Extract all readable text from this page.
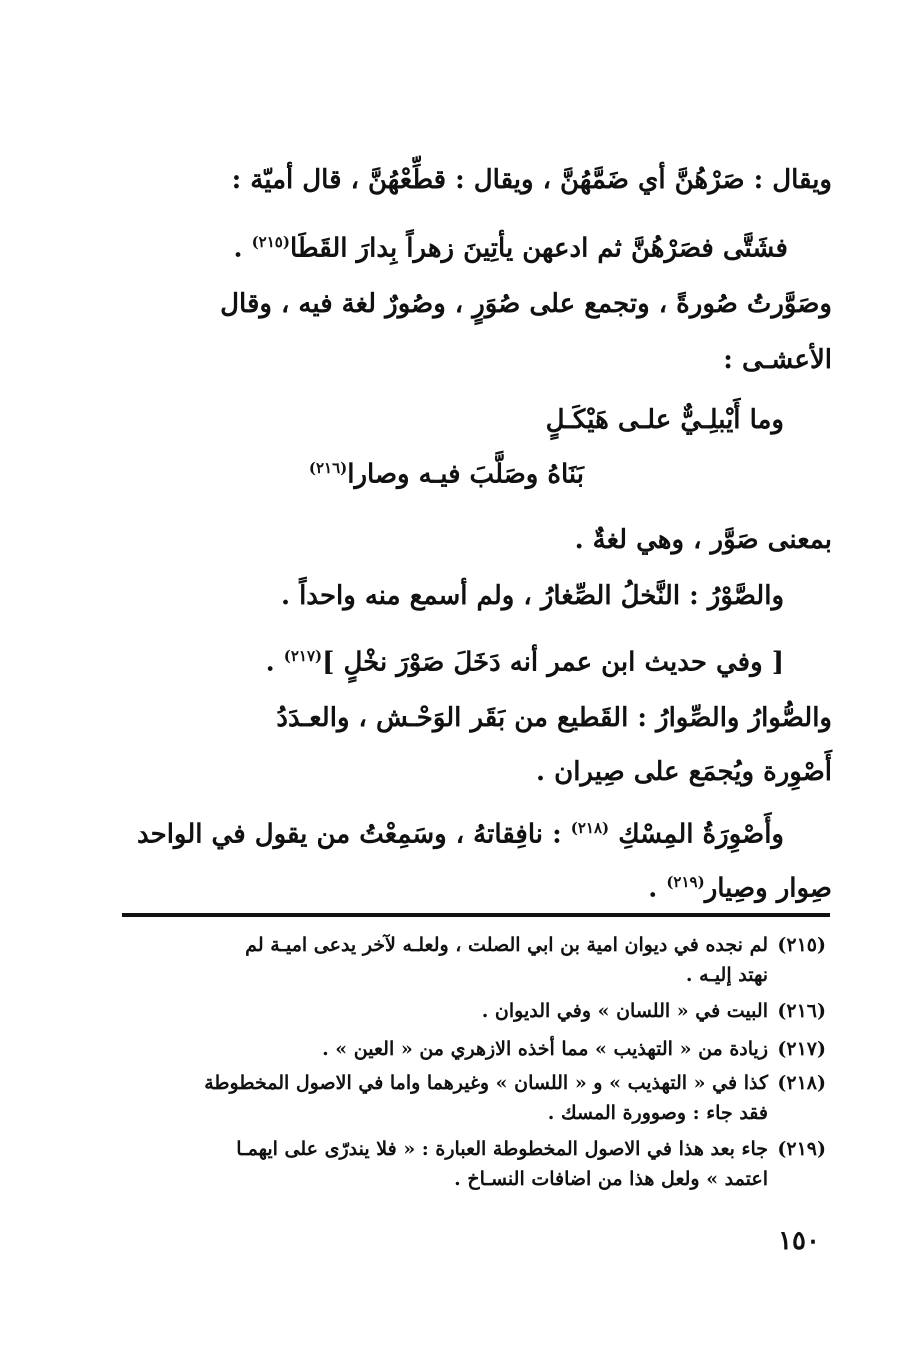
ويقال : صَرْهُنَّ أي ضَمَّهُنَّ ، ويقال : قطِّعْهُنَّ ، قال أميّة :
فشَتَّى فصَرْهُنَّ ثم ادعهن يأتِينَ زهراً بِدارَ القَطَا$^{(٢١٥)}$ .
وصَوَّرتُ صُورةً ، وتجمع على صُوَرٍ ، وصُورٌ لغة فيه ، وقال
الأعشـى :
وما أَيْبلِـيٌّ علـى هَيْكَـلٍ
بَنَاهُ وصَلَّبَ فيـه وصارا$^{(٢١٦)}$
بمعنى صَوَّر ، وهي لغةٌ .
والصَّوْرُ : النَّخلُ الصِّغارُ ، ولم أسمع منه واحداً .
[ وفي حديث ابن عمر أنه دَخَلَ صَوْرَ نخْلٍ ]$^{(٢١٧)}$ .
والصُّوارُ والصِّوارُ : القَطيع من بَقَر الوَحْـش ، والعـدَدُ
أَصْوِرة ويُجمَع على صِيران .
وأَصْوِرَةُ المِسْكِ $^{(٢١٨)}$ : نافِقاتهُ ، وسَمِعْتُ من يقول في الواحد
صِوار وصِيار$^{(٢١٩)}$ .
(٢١٥)لم نجده في ديوان امية بن ابي الصلت ، ولعلـه لآخر يدعى اميـة لم
نهتد إليـه .
(٢١٦)البيت في « اللسان » وفي الديوان .
(٢١٧)زيادة من « التهذيب » مما أخذه الازهري من « العين » .
(٢١٨)كذا في « التهذيب » و « اللسان » وغيرهما واما في الاصول المخطوطة
فقد جاء : وصوورة المسك .
(٢١٩)جاء بعد هذا في الاصول المخطوطة العبارة : « فلا يندرّى على ايهمـا
اعتمد » ولعل هذا من اضافات النسـاخ .
١٥٠
